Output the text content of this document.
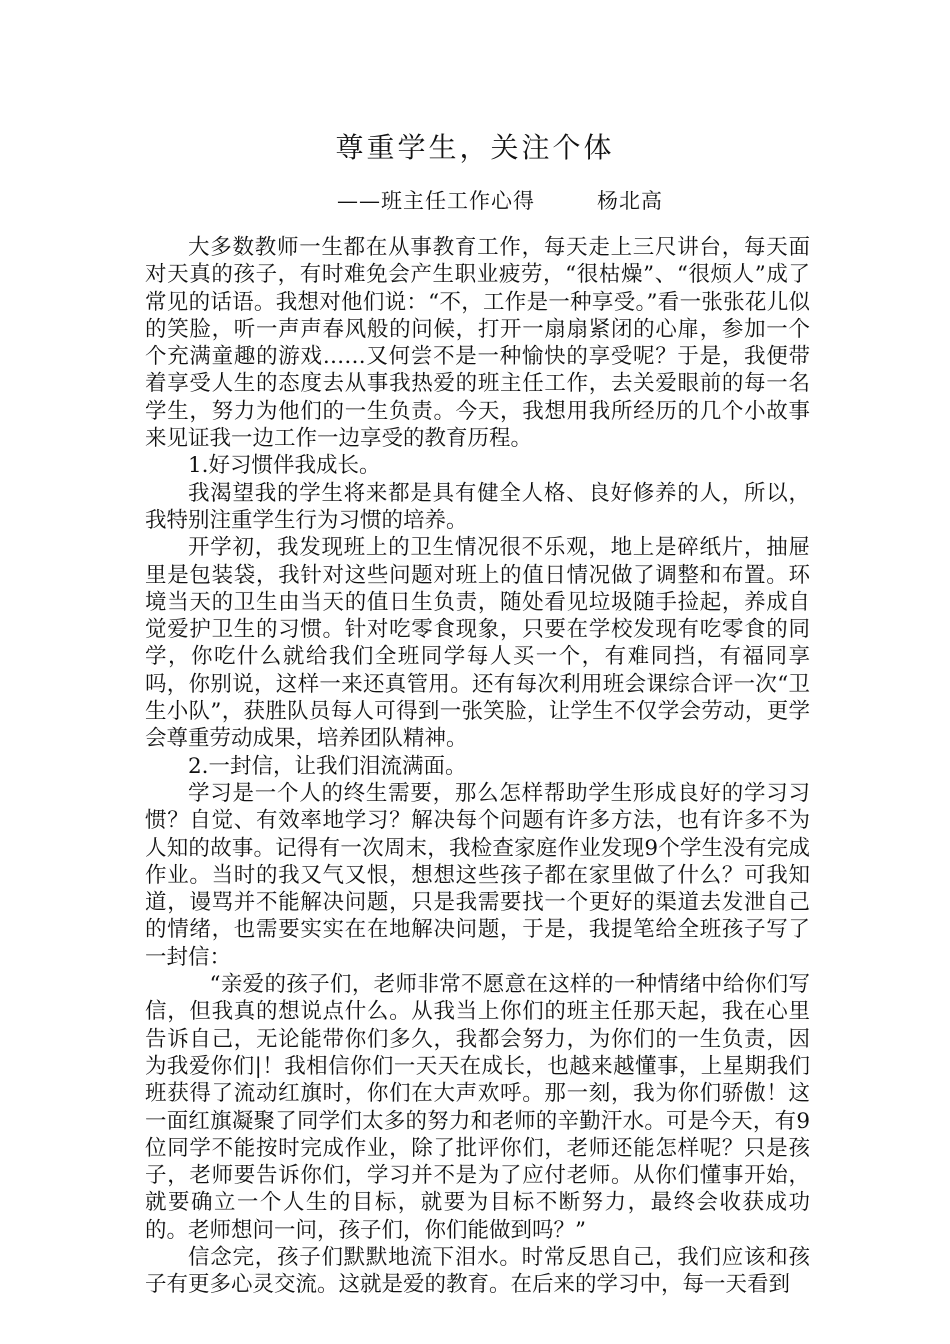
尊重学生，关注个体
——班主任工作心得	杨北高

大多数教师一生都在从事教育工作，每天走上三尺讲台，每天面对天真的孩子，有时难免会产生职业疲劳，“很枯燥”、“很烦人”成了常见的话语。我想对他们说：“不，工作是一种享受。”看一张张花儿似的笑脸，听一声声春风般的问候，打开一扇扇紧闭的心扉，参加一个个充满童趣的游戏……又何尝不是一种愉快的享受呢？于是，我便带着享受人生的态度去从事我热爱的班主任工作，去关爱眼前的每一名学生，努力为他们的一生负责。今天，我想用我所经历的几个小故事来见证我一边工作一边享受的教育历程。

1.好习惯伴我成长。

我渴望我的学生将来都是具有健全人格、良好修养的人，所以，我特别注重学生行为习惯的培养。

开学初，我发现班上的卫生情况很不乐观，地上是碎纸片，抽屉里是包装袋，我针对这些问题对班上的值日情况做了调整和布置。环境当天的卫生由当天的值日生负责，随处看见垃圾随手捡起，养成自觉爱护卫生的习惯。针对吃零食现象，只要在学校发现有吃零食的同学，你吃什么就给我们全班同学每人买一个，有难同挡，有福同享吗，你别说，这样一来还真管用。还有每次利用班会课综合评一次“卫生小队”，获胜队员每人可得到一张笑脸，让学生不仅学会劳动，更学会尊重劳动成果，培养团队精神。

2.一封信，让我们泪流满面。

学习是一个人的终生需要，那么怎样帮助学生形成良好的学习习惯？自觉、有效率地学习？解决每个问题有许多方法，也有许多不为人知的故事。记得有一次周末，我检查家庭作业发现9个学生没有完成作业。当时的我又气又恨，想想这些孩子都在家里做了什么？可我知道，谩骂并不能解决问题，只是我需要找一个更好的渠道去发泄自己的情绪，也需要实实在在地解决问题，于是，我提笔给全班孩子写了一封信：

“亲爱的孩子们，老师非常不愿意在这样的一种情绪中给你们写信，但我真的想说点什么。从我当上你们的班主任那天起，我在心里告诉自己，无论能带你们多久，我都会努力，为你们的一生负责，因为我爱你们|！我相信你们一天天在成长，也越来越懂事，上星期我们班获得了流动红旗时，你们在大声欢呼。那一刻，我为你们骄傲！这一面红旗凝聚了同学们太多的努力和老师的辛勤汗水。可是今天，有9位同学不能按时完成作业，除了批评你们，老师还能怎样呢？只是孩子，老师要告诉你们，学习并不是为了应付老师。从你们懂事开始，就要确立一个人生的目标，就要为目标不断努力，最终会收获成功的。老师想问一问，孩子们，你们能做到吗？”

信念完，孩子们默默地流下泪水。时常反思自己，我们应该和孩子有更多心灵交流。这就是爱的教育。在后来的学习中，每一天看到
